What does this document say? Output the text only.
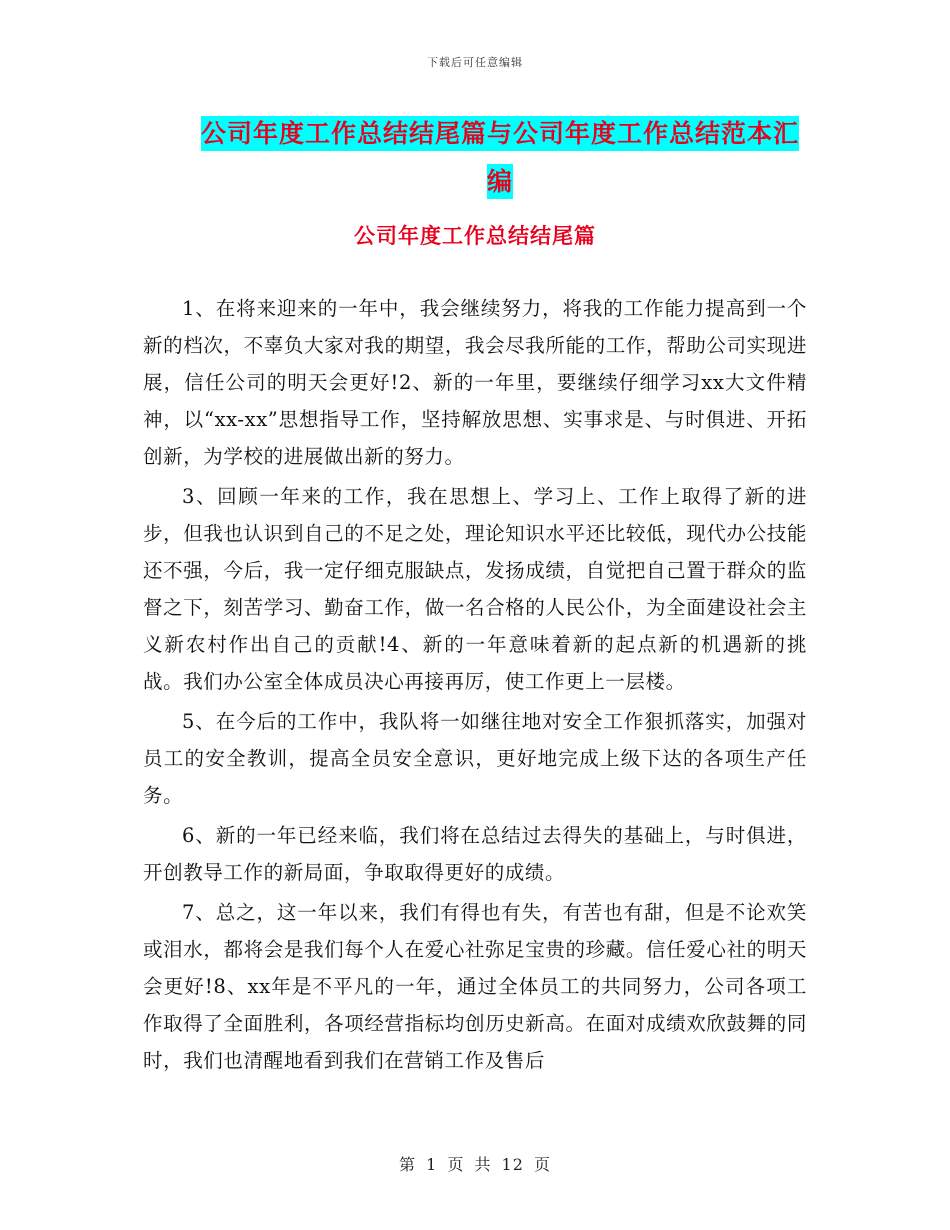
下载后可任意编辑
公司年度工作总结结尾篇与公司年度工作总结范本汇编
公司年度工作总结结尾篇

1、在将来迎来的一年中，我会继续努力，将我的工作能力提高到一个新的档次，不辜负大家对我的期望，我会尽我所能的工作，帮助公司实现进展，信任公司的明天会更好!2、新的一年里，要继续仔细学习xx大文件精神，以“xx-xx”思想指导工作，坚持解放思想、实事求是、与时俱进、开拓创新，为学校的进展做出新的努力。

3、回顾一年来的工作，我在思想上、学习上、工作上取得了新的进步，但我也认识到自己的不足之处，理论知识水平还比较低，现代办公技能还不强，今后，我一定仔细克服缺点，发扬成绩，自觉把自己置于群众的监督之下，刻苦学习、勤奋工作，做一名合格的人民公仆，为全面建设社会主义新农村作出自己的贡献!4、新的一年意味着新的起点新的机遇新的挑战。我们办公室全体成员决心再接再厉，使工作更上一层楼。

5、在今后的工作中，我队将一如继往地对安全工作狠抓落实，加强对员工的安全教训，提高全员安全意识，更好地完成上级下达的各项生产任务。

6、新的一年已经来临，我们将在总结过去得失的基础上，与时俱进，开创教导工作的新局面，争取取得更好的成绩。

7、总之，这一年以来，我们有得也有失，有苦也有甜，但是不论欢笑或泪水，都将会是我们每个人在爱心社弥足宝贵的珍藏。信任爱心社的明天会更好!8、xx年是不平凡的一年，通过全体员工的共同努力，公司各项工作取得了全面胜利，各项经营指标均创历史新高。在面对成绩欢欣鼓舞的同时，我们也清醒地看到我们在营销工作及售后

第 1 页 共 12 页
